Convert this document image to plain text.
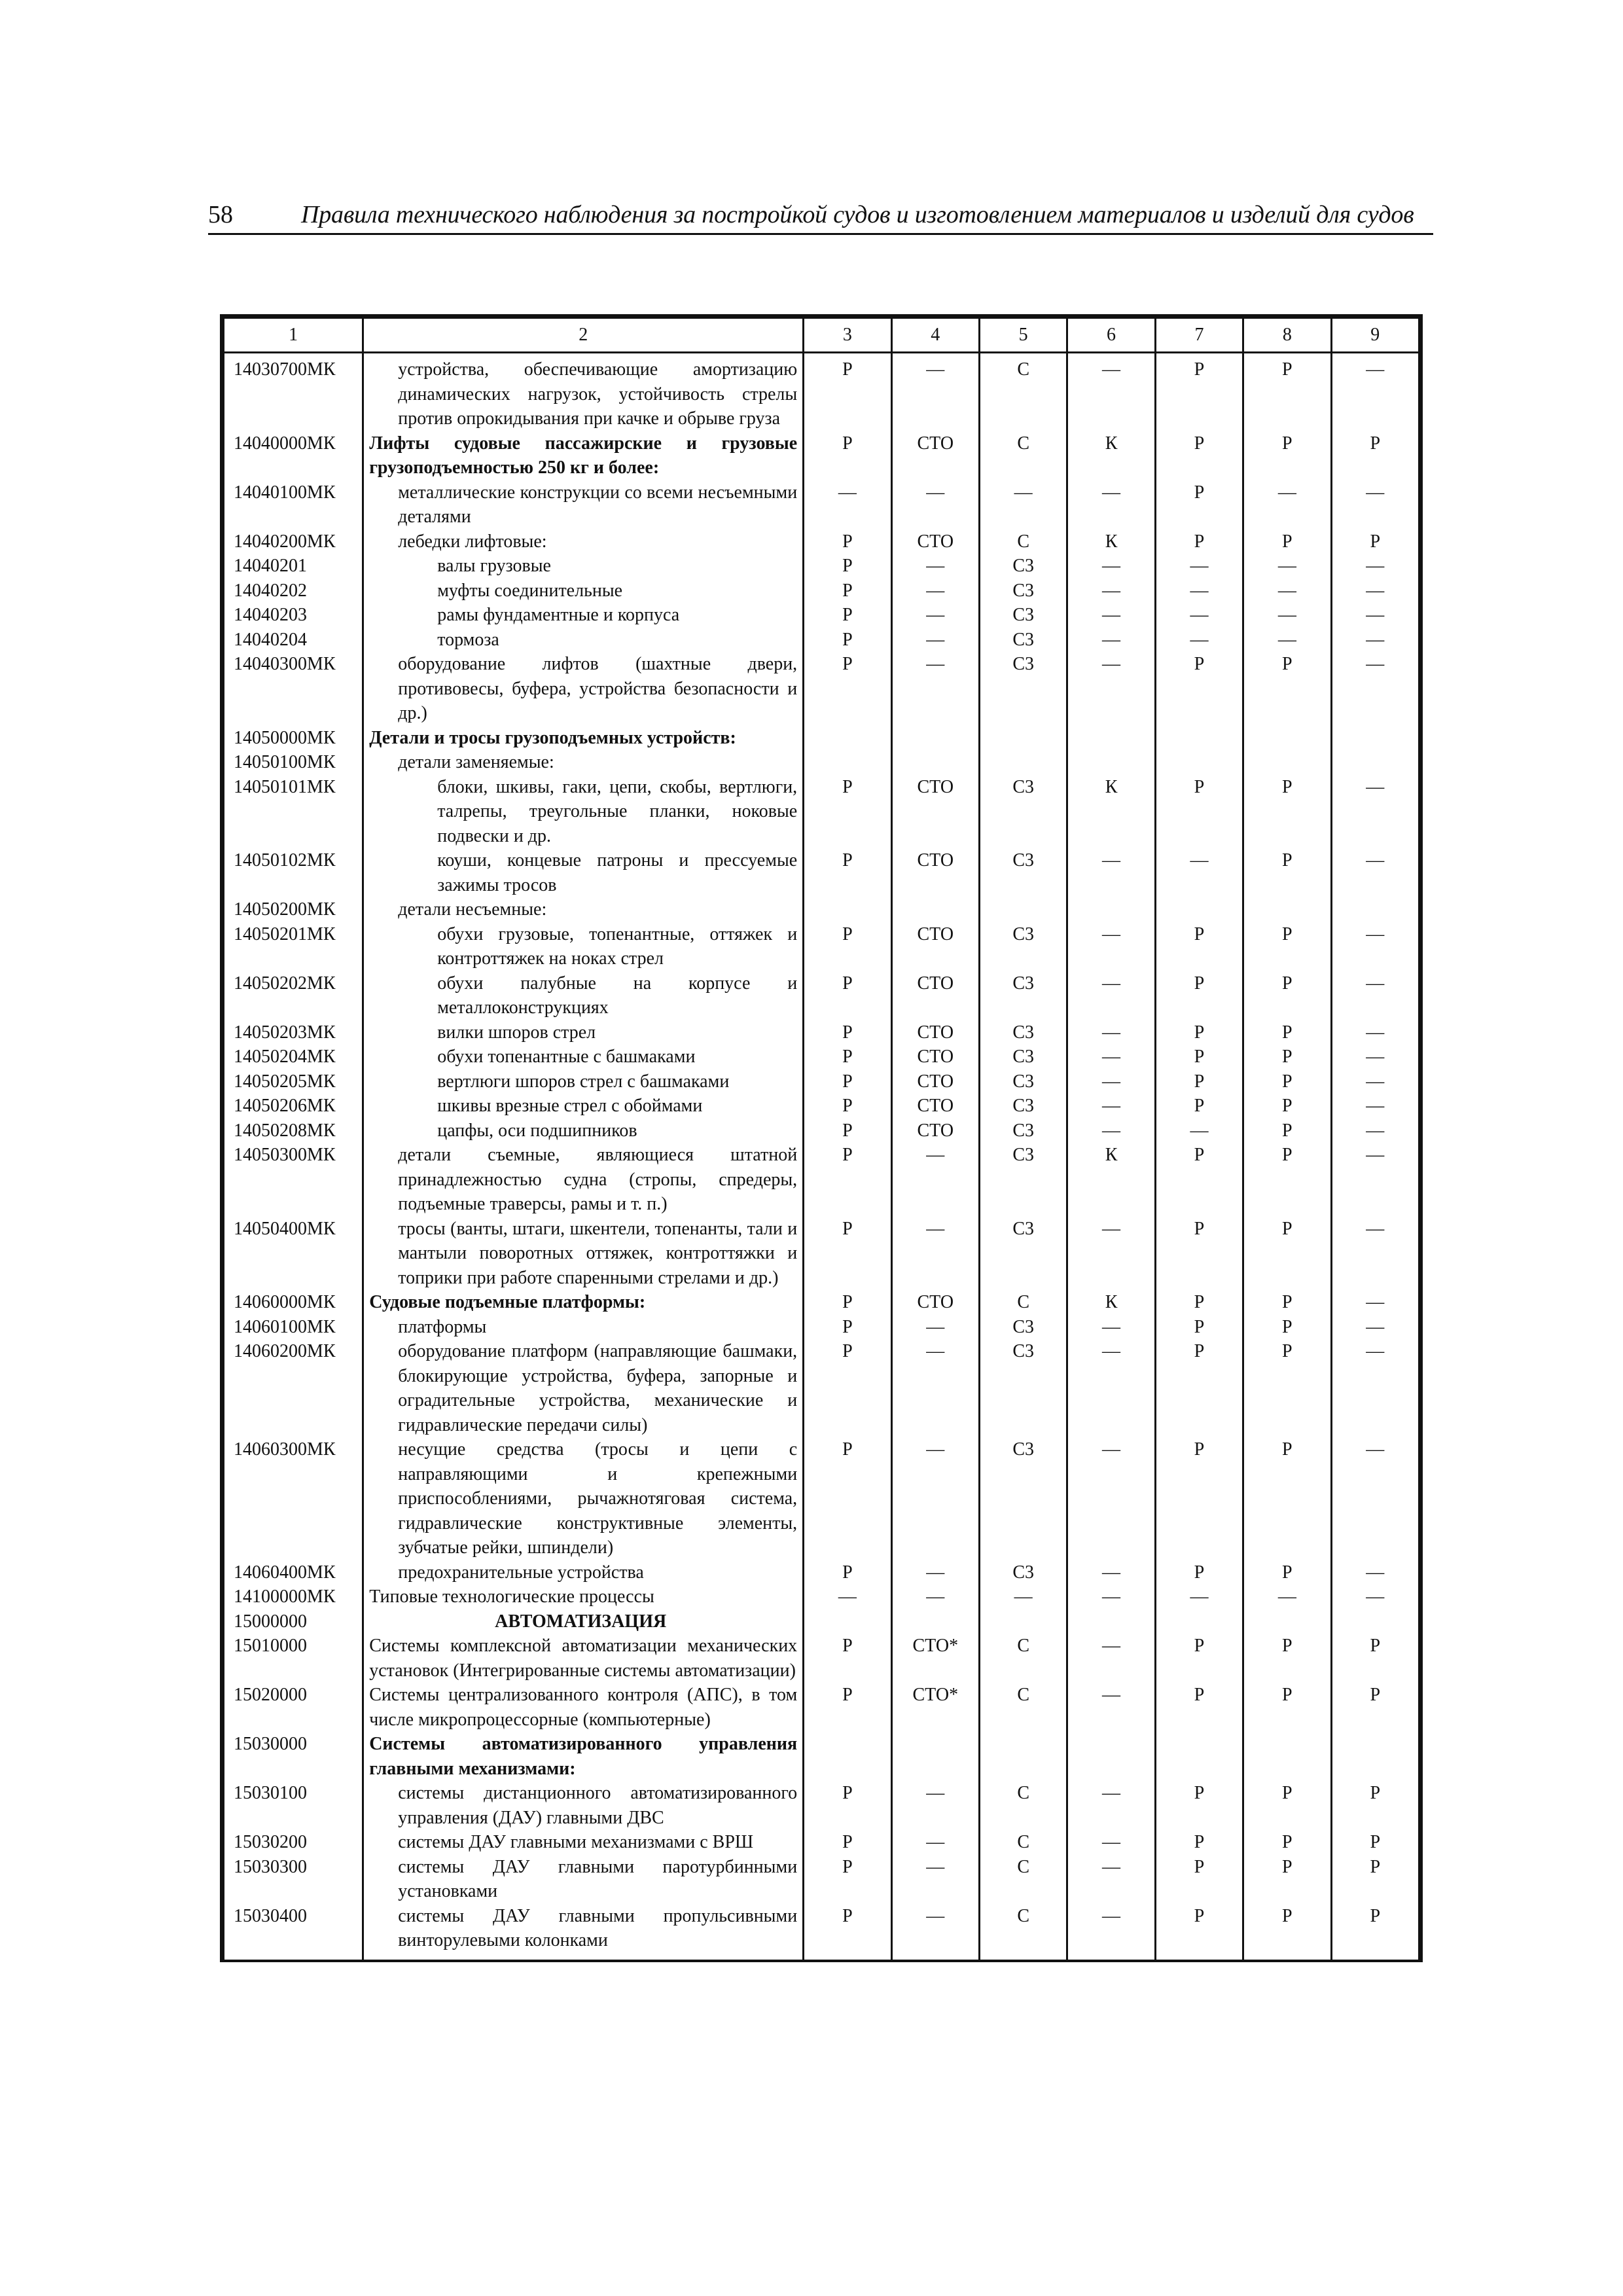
58	Правила технического наблюдения за постройкой судов и изготовлением материалов и изделий для судов
1	2	3	4	5	6	7	8	9
14030700МК	устройства, обеспечивающие амортизацию динамических нагрузок, устойчивость стрелы против опрокидывания при качке и обрыве груза	Р	—	С	—	Р	Р	—
14040000МК	Лифты судовые пассажирские и грузовые грузоподъемностью 250 кг и более:	Р	СТО	С	К	Р	Р	Р
14040100МК	металлические конструкции со всеми несъемными деталями	—	—	—	—	Р	—	—
14040200МК	лебедки лифтовые:	Р	СТО	С	К	Р	Р	Р
14040201	валы грузовые	Р	—	С3	—	—	—	—
14040202	муфты соединительные	Р	—	С3	—	—	—	—
14040203	рамы фундаментные и корпуса	Р	—	С3	—	—	—	—
14040204	тормоза	Р	—	С3	—	—	—	—
14040300МК	оборудование лифтов (шахтные двери, противовесы, буфера, устройства безопасности и др.)	Р	—	С3	—	Р	Р	—
14050000МК	Детали и тросы грузоподъемных устройств:							
14050100МК	детали заменяемые:							
14050101МК	блоки, шкивы, гаки, цепи, скобы, вертлюги, талрепы, треугольные планки, ноковые подвески и др.	Р	СТО	С3	К	Р	Р	—
14050102МК	коуши, концевые патроны и прессуемые зажимы тросов	Р	СТО	С3	—	—	Р	—
14050200МК	детали несъемные:							
14050201МК	обухи грузовые, топенантные, оттяжек и контроттяжек на ноках стрел	Р	СТО	С3	—	Р	Р	—
14050202МК	обухи палубные на корпусе и металлоконструкциях	Р	СТО	С3	—	Р	Р	—
14050203МК	вилки шпоров стрел	Р	СТО	С3	—	Р	Р	—
14050204МК	обухи топенантные с башмаками	Р	СТО	С3	—	Р	Р	—
14050205МК	вертлюги шпоров стрел с башмаками	Р	СТО	С3	—	Р	Р	—
14050206МК	шкивы врезные стрел с обоймами	Р	СТО	С3	—	Р	Р	—
14050208МК	цапфы, оси подшипников	Р	СТО	С3	—	—	Р	—
14050300МК	детали съемные, являющиеся штатной принадлежностью судна (стропы, спредеры, подъемные траверсы, рамы и т. п.)	Р	—	С3	К	Р	Р	—
14050400МК	тросы (ванты, штаги, шкентели, топенанты, тали и мантыли поворотных оттяжек, контроттяжки и топрики при работе спаренными стрелами и др.)	Р	—	С3	—	Р	Р	—
14060000МК	Судовые подъемные платформы:	Р	СТО	С	К	Р	Р	—
14060100МК	платформы	Р	—	С3	—	Р	Р	—
14060200МК	оборудование платформ (направляющие башмаки, блокирующие устройства, буфера, запорные и оградительные устройства, механические и гидравлические передачи силы)	Р	—	С3	—	Р	Р	—
14060300МК	несущие средства (тросы и цепи с направляющими и крепежными приспособлениями, рычажнотяговая система, гидравлические конструктивные элементы, зубчатые рейки, шпиндели)	Р	—	С3	—	Р	Р	—
14060400МК	предохранительные устройства	Р	—	С3	—	Р	Р	—
14100000МК	Типовые технологические процессы	—	—	—	—	—	—	—
15000000	АВТОМАТИЗАЦИЯ							
15010000	Системы комплексной автоматизации механических установок (Интегрированные системы автоматизации)	Р	СТО*	С	—	Р	Р	Р
15020000	Системы централизованного контроля (АПС), в том числе микропроцессорные (компьютерные)	Р	СТО*	С	—	Р	Р	Р
15030000	Системы автоматизированного управления главными механизмами:							
15030100	системы дистанционного автоматизированного управления (ДАУ) главными ДВС	Р	—	С	—	Р	Р	Р
15030200	системы ДАУ главными механизмами с ВРШ	Р	—	С	—	Р	Р	Р
15030300	системы ДАУ главными паротурбинными установками	Р	—	С	—	Р	Р	Р
15030400	системы ДАУ главными пропульсивными винторулевыми колонками	Р	—	С	—	Р	Р	Р
